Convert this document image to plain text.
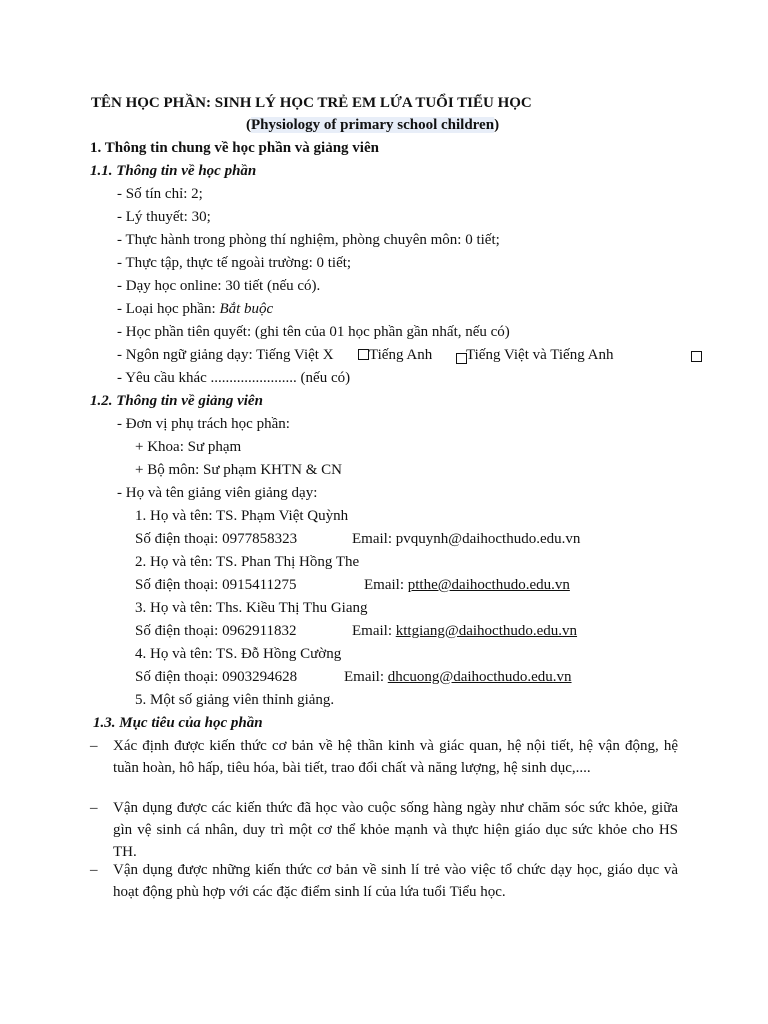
TÊN HỌC PHẦN: SINH LÝ HỌC TRẺ EM LỨA TUỔI TIỂU HỌC
(Physiology of primary school children)
1. Thông tin chung về học phần và giảng viên
1.1. Thông tin về học phần
- Số tín chỉ: 2;
- Lý thuyết: 30;
- Thực hành trong phòng thí nghiệm, phòng chuyên môn: 0 tiết;
- Thực tập, thực tế ngoài trường: 0 tiết;
- Dạy học online: 30 tiết (nếu có).
- Loại học phần: Bắt buộc
- Học phần tiên quyết: (ghi tên của 01 học phần gần nhất, nếu có)
- Ngôn ngữ giảng dạy: Tiếng Việt X Tiếng Anh Tiếng Việt và Tiếng Anh
- Yêu cầu khác ....................... (nếu có)
1.2. Thông tin về giảng viên
- Đơn vị phụ trách học phần:
+ Khoa: Sư phạm
+ Bộ môn: Sư phạm KHTN & CN
- Họ và tên giảng viên giảng dạy:
1. Họ và tên: TS. Phạm Việt Quỳnh
Số điện thoại: 0977858323	Email: pvquynh@daihocthudo.edu.vn
2. Họ và tên: TS. Phan Thị Hồng The
Số điện thoại: 0915411275	Email: ptthe@daihocthudo.edu.vn
3. Họ và tên: Ths. Kiều Thị Thu Giang
Số điện thoại: 0962911832	Email: kttgiang@daihocthudo.edu.vn
4. Họ và tên: TS. Đỗ Hồng Cường
Số điện thoại: 0903294628	Email: dhcuong@daihocthudo.edu.vn
5. Một số giảng viên thỉnh giảng.
1.3. Mục tiêu của học phần
– Xác định được kiến thức cơ bản về hệ thần kinh và giác quan, hệ nội tiết, hệ vận động, hệ tuần hoàn, hô hấp, tiêu hóa, bài tiết, trao đổi chất và năng lượng, hệ sinh dục,....
– Vận dụng được các kiến thức đã học vào cuộc sống hàng ngày như chăm sóc sức khỏe, giữa gìn vệ sinh cá nhân, duy trì một cơ thể khỏe mạnh và thực hiện giáo dục sức khỏe cho HS TH.
– Vận dụng được những kiến thức cơ bản về sinh lí trẻ vào việc tổ chức dạy học, giáo dục và hoạt động phù hợp với các đặc điểm sinh lí của lứa tuổi Tiểu học.
